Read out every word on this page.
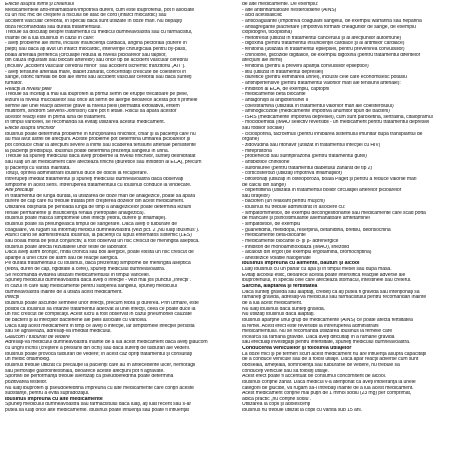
Efecte asupra inimii şi creierului
Medicamentele anti-inflamatoare/împotriva durerii, cum este ibuprofenul, pot fi asociate
cu un risc mic de creştere a riscului de atac de cord (infarct miocardic) sau
accident vascular cerebral, în special dacă sunt utilizate în doze mari. Nu depăşiţi
doza recomandată sau durata tratamentului.
Trebuie să discutaţi despre tratamentul cu medicul dumneavoastră sau cu farmacistul,
înainte de a lua Ibusinus în cazul în care:
- aveţi probleme ale inimii, inclusiv insuficienţă cardiacă, angină pectorală (durere în
piept) sau dacă aţi avut un infarct miocardic, intervenţie chirurgicală pentru by-pass,
boală arterială periferică (circulaţie redusă la nivelul picioarelor sau tălpilor,
din cauza îngustării sau blocării arterelor) sau orice tip de accident vascular cerebral
(inclusiv „accident vascular cerebral minor” sau accident ischemic tranzitoriu „AIT”).
- aveţi tensiune arterială mare, diabet zaharat, concentraţii crescute de colesterol în
sânge, istoric familial de boli ale inimii sau accident vascular cerebral sau dacă sunteţi
fumător.
Reacţii la nivelul pielii
Trebuie să încetaţi a mai lua ibuprofen la primul semn de erupţie trecătoare pe piele,
leziuni la nivelul mucoaselor sau orice alt semn de alergie deoarece acesta pot fi primele
semne ale unei reacţii adverse grave la nivelul pielii (dermatită exfoliativă, eritem
multiform, sindrom Stevens-Johnson) care pot fi letale. Riscul să apară acestor
acestor reacţii este în prima lună de tratament.
În timpul varicelei, se recomandă să evitaţi utilizarea acestui medicament.
Efecte asupra rinichilor
Ibusinus poate determina probleme în funcţionarea rinichilor, chiar şi la pacienţii care nu
au mai avut astfel de afecţiuni. Aceste probleme pot determina umflarea picioarelor şi
pot conduce chiar la afecţiuni severe a inimii sau scăderea tensiunii arteriale persistente
la pacienţii predispuşi. Ibusinus poate determina prezenţa sângelui în urină.
Trebuie să spuneţi medicului dacă aveţi probleme la nivelul rinichilor, sunteţi deshidratat
sau luaţi un alt medicament care afectează rinichii (diuretice sau inhibitori ai ECA), precum
şi pacienţii cu vârstă înaintată.
Totuşi, oprirea administrării Ibusinus duce de obicei la recuperare.
Întrerupeţi imediat tratamentul şi spuneţi medicului dumneavoastră dacă observaţi
simptome în acest sens. Întreruperea tratamentului cu Ibusinus conduce la vindecare.
Alte precauţii
În tratamentul de lungă durată, la utilizarea de doze mari de analgezice, poate să apară
durere de cap care nu trebuie tratată prin creşterea dozelor din acest medicament.
Utilizarea obişnuită pe perioadă lungă de timp a analgezicelor poate determina leziuni
renale permanente şi insuficienţă renală (nefropatie analgezică).
Ibusinus poate masca simptomele unei infecţii (febră, durere şi inflamaţie).
Ibusinus poate să prelungească timpul de sângerare. Dacă aveţi o tulburare de
coagulare, vă rugăm să informaţi medicul dumneavoastră (vezi pct. 2 „Nu luaţi Ibusinus”).
Atunci când se administrează Ibusinus, la pacienţii cu lupus eritematos sistemic (LES)
sau boală mixtă de ţesut conjunctiv, a fost observat un risc crescut de meningită aseptică.
Ibusinus poate afecta rezultatele unor teste de laborator.
Dacă aveţi astm bronşic, rinită cronică sau boli alergice, poate exista un risc crescut de
apariţie a unei crize de astm sau de reacţie alergică.
Pe durata tratamentului cu Ibusinus, dacă prezentaţi simptome de meningită aseptică
(febră, dureri de cap, rigiditate a cefei), spuneţi medicului dumneavoastră.
Se recomandă evitarea utilizării medicamentului în timpul varicelei.
Spuneţi medicului dumneavoastră dacă aveţi o infecţie - vezi mai jos punctul „Infecţii”.
În cazul în care luaţi medicamente pentru subţierea sângelui, spuneţi medicului
dumneavoastră înainte de a utiliza acest medicament.
Infecţii
Ibusinus poate ascunde semnele unor infecţii, precum febra şi durerea. Prin urmare, este
posibil ca Ibusinus să întârzie tratamentul adecvat al unei infecţii, ceea ce poate duce la
un risc crescut de complicaţii. Acest lucru a fost observat în cazul pneumoniei cauzate
de bacterii şi al infecţiilor bacteriene ale pielii asociate cu varicela.
Dacă luaţi acest medicament în timp ce aveţi o infecţie, iar simptomele infecţiei persistă
sau se agravează, adresaţi-vă imediat medicului.
Glaucom / tulburări de vedere
Adresaţi-vă medicului dumneavoastră înainte de a lua acest medicament dacă aveţi glaucom
cu unghi închis (creştere a presiunii din ochi) sau dacă suferiţi de tulburări ale vederii.
Ibusinus poate provoca tulburări de vedere; în acest caz opriţi tratamentul şi consultaţi
un medic oftalmolog.
Ibusinus trebuie utilizat cu precauţie la pacienţii care au în antecedente ulcer, hemoragii
sau perforaţie gastrointestinală, deoarece aceste afecţiuni pot fi agravate.
Sportivii de performanţă trebuie avertizaţi că pseudoefedrina poate determina
pozitivarea testelor.
Nu luaţi ibuprofen şi pseudoefedrină împreună cu alte medicamente care conţin aceste
substanţe, pentru a evita supradozajul.
Ibusinus împreună cu alte medicamente
Spuneţi medicului dumneavoastră sau farmacistului dacă luaţi, aţi luat recent sau s-ar
putea să luaţi orice alte medicamente. Ibusinus poate influenţa sau poate fi influenţat
de alte medicamente. De exemplu:
- alte antiinflamatoare nesteroidiene (AINS)
- acid acetilsalicilic
- anticoagulante (împotriva coagulării sângelui, de exemplu warfarina sau heparina
- antiagregante plachetare (împotriva formării cheagurilor de sânge, de exemplu
clopidogrel, ticlopidină)
- metotrexat (utilizat în tratamentul cancerului şi al afecţiunilor autoimune)
- digoxină (pentru tratamentul insuficienţei cardiace şi al aritmiilor cardiace)
- fenitoină (utilizată în tratamentul epilepsiei, pentru prevenirea convulsiilor)
- chinolone, glicozide digitalice, de exemplu digoxină (pentru tratamentul diferitelor
afecţiuni ale inimii)
- fenitoină (pentru a preveni apariţia convulsiilor epileptice)
- litiu (utilizat în tratamentul depresiei)
- diuretice (pentru eliminarea urinei), inclusiv cele care economisesc potasiu
- antihipertensive (pentru tratamentul valorilor mari ale tensiunii arteriale):
- inhibitori ai ECA, de exemplu, captopril
- medicamente beta blocante
- antagonişti ai angiotensinei II
- colestiramină (utilizată în tratamentul valorilor mari ale colesterolului)
- aminoglicozide (medicamente împotriva anumitor tipuri de bacterii)
- ISRS (medicamente împotriva depresiei), cum sunt paroxetina, sertralina, citalopramul
- moclobemidă (IMAO selectiv reversibil - un medicament pentru tratamentul depresiei
sau fobiilor sociale)
- ciclosporină, tacrolimus (pentru inhibarea sistemului imunitar după transplantul de
organe)
- zidovudină sau ritonavir (utilizat în tratamentul infecţiei cu HIV)
- mifepristonă
- probenecid sau sulfinpirazonă (pentru tratamentul gutei)
- antibiotice chinolone
- sulfoniluree (pentru tratamentul diabetului zaharat de tip 2)
- corticosteroizi (utilizaţi împotriva inflamaţiilor)
- bifosfonaţi (utilizaţi în osteoporoză, boala Paget şi pentru a reduce valorile mari
de calciu din sânge)
- oxpentifilină (utilizată în tratamentul bolilor circulaţiei arterelor picioarelor
sau braţelor)
- baclofen (un relaxant pentru muşchi)
- Ibusinus nu trebuie administrat în asociere cu:
- simpatomimetice, de exemplu decongestionante sau medicamente care scad pofta
de mâncare şi psihostimulante asemănătoare amfetaminei
- simpatolitice, de exemplu
- guanetidină, metildopa, reserpină, betanidină, bretiliu, debrisochină
- medicamente beta-blocante
- medicamente blocante α- şi β- adrenergice
- inhibitori de monoaminoxidază (IMAO), linezolid
- alcaloizi din ergot (de exemplu ergotamina, bromocriptina)
- anestezice volatile halogenate
Ibusinus împreună cu alimente, băuturi şi alcool
Luaţi Ibusinus cu un pahar cu apă şi în timpul mesei sau după masă.
Evitaţi alcoolul etilic, deoarece acesta poate intensifica reacţiile adverse ale
ibuprofenului, în special cele care afectează stomacul, intestinele sau creierul.
Sarcina, alăptarea şi fertilitatea
Dacă sunteţi gravidă sau alăptaţi, credeţi că aţi putea fi gravidă sau intenţionaţi să
rămâneţi gravidă, adresaţi-vă medicului sau farmacistului pentru recomandări înainte
de a lua acest medicament.
Nu luaţi Ibusinus dacă sunteţi gravidă.
Nu utilizaţi Ibusinus dacă alăptaţi.
Ibusinus aparţine unui grup de medicamente (AINS) ce poate afecta fertilitatea
la femei. Acest efect este reversibil la întreruperea administrării
medicamentului. Nu se recomandă utilizarea Ibusinus la femeile care
încearcă să rămână gravide. Dacă aveţi dificultăţi în a rămâne gravidă
sau efectuaţi investigaţii pentru infertilitate, spuneţi medicului dumneavoastră.
Conducerea vehiculelor şi folosirea utilajelor
La doze mici şi pe termen scurt acest medicament nu are influenţă asupra capacităţii
de a conduce vehicule sau de a folosi utilaje. Dacă apar reacţii adverse cum sunt
oboseala, ameţeala, somnolenţa sau tulburările de vedere, nu trebuie să
conduceţi vehicule sau să folosiţi utilaje.
Acest efect poate fi accentuat de consumul concomitent de alcool.
Ibusinus conţine zahăr. Dacă medicul v-a atenţionat că aveţi intoleranţă la unele
categorii de glucide, vă rugăm să-l întrebaţi înainte de a lua acest medicament.
Acest medicament conţine mai puţin de 1 mmol sodiu (23 mg) per comprimat,
adică practic „nu conţine sodiu”.
Utilizarea la copii şi adolescenţi
Ibusinus nu trebuie utilizat la copii cu vârsta sub 15 ani.
